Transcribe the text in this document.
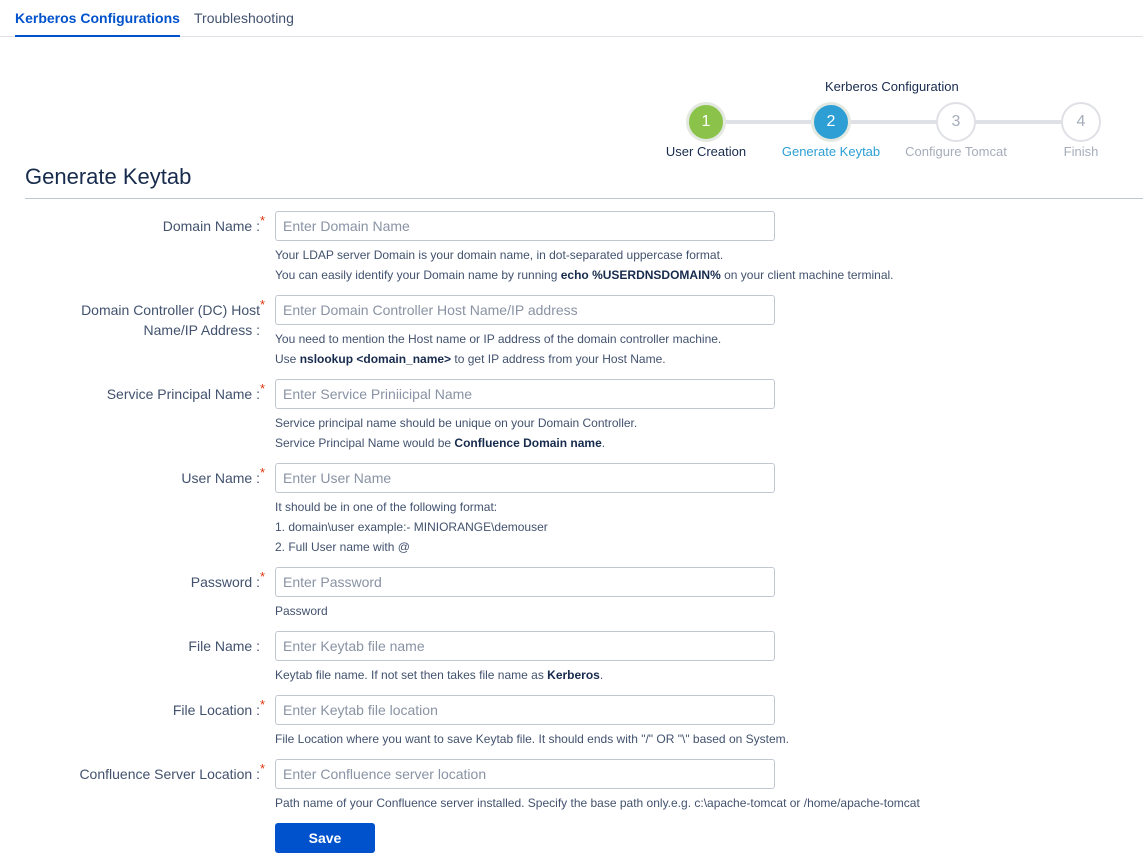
Kerberos Configurations Troubleshooting
Kerberos Configuration
1	2	3	4
User Creation	Generate Keytab Configure Tomcat	Finish
Generate Keytab
Domain Name : *
Enter Domain Name
Your LDAP server Domain is your domain name, in dot-separated uppercase format.
You can easily identify your Domain name by running echo %USERDNSDOMAIN% on your client machine terminal.
Domain Controller (DC) Host
Name/IP Address :
*
Enter Domain Controller Host Name/IP address
You need to mention the Host name or IP address of the domain controller machine.
Use nslookup <domain_name> to get IP address from your Host Name.
Service Principal Name : *
Enter Service Priniicipal Name
Service principal name should be unique on your Domain Controller.
Service Principal Name would be Confluence Domain name.
User Name : *
Enter User Name
It should be in one of the following format:
1. domain\user example:- MINIORANGE\demouser
2. Full User name with @
Password : *
Password
File Name :
Enter Keytab file name
Keytab file name. If not set then takes file name as Kerberos.
File Location : *
Enter Keytab file location
File Location where you want to save Keytab file. It should ends with "/" OR "\" based on System.
Confluence Server Location : *
Enter Confluence server location
Path name of your Confluence server installed. Specify the base path only.e.g. c:\apache-tomcat or /home/apache-tomcat
Save
